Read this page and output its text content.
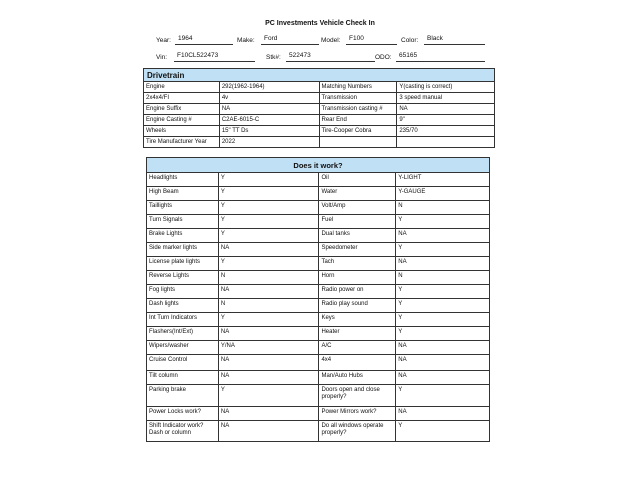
PC Investments Vehicle Check In
Year:	1964	Make:	Ford	Model:	F100	Color:	Black
Vin:	F10CL522473	Stk#:	522473	ODO:	65165
Drivetrain			
Engine	292(1962-1964)	Matching Numbers	Y(casting is correct)
2x4x4/FI	4v	Transmission	3 speed manual
Engine Suffix	NA	Transmission casting #	NA
Engine Casting #	C2AE-6015-C	Rear End	9"
Wheels	15" TT Ds	Tire-Cooper Cobra	235/70
Tire Manufacturer Year	2022		
Does it work?			
Headlights	Y	Oil	Y-LIGHT
High Beam	Y	Water	Y-GAUGE
Taillights	Y	Volt/Amp	N
Turn Signals	Y	Fuel	Y
Brake Lights	Y	Dual tanks	NA
Side marker lights	NA	Speedometer	Y
License plate lights	Y	Tach	NA
Reverse Lights	N	Horn	N
Fog lights	NA	Radio power on	Y
Dash lights	N	Radio play sound	Y
Int Turn Indicators	Y	Keys	Y
Flashers(Int/Ext)	NA	Heater	Y
Wipers/washer	Y/NA	A/C	NA
Cruise Control	NA	4x4	NA
Tilt column	NA	Man/Auto Hubs	NA
Parking brake	Y	Doors open and close properly?	Y
Power Locks work?	NA	Power Mirrors work?	NA
Shift Indicator work?Dash or column	NA	Do all windows operate properly?	Y
